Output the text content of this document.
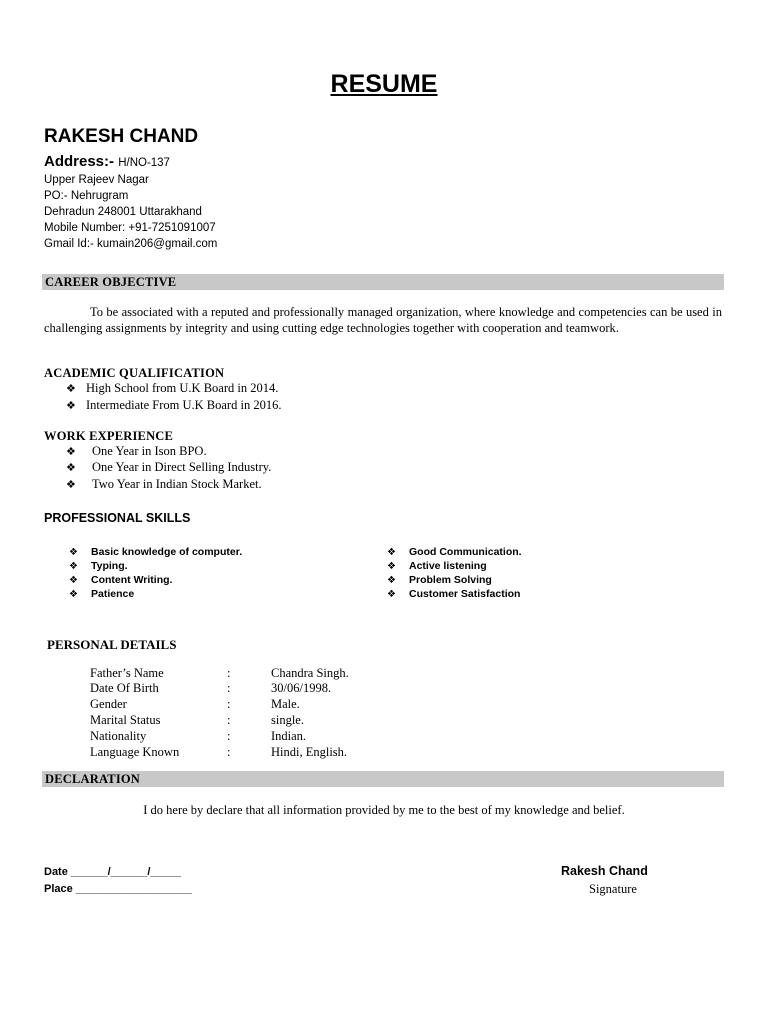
RESUME
RAKESH CHAND
Address:- H/NO-137
Upper Rajeev Nagar
PO:- Nehrugram
Dehradun 248001 Uttarakhand
Mobile Number: +91-7251091007
Gmail Id:- kumain206@gmail.com
CAREER OBJECTIVE

To be associated with a reputed and professionally managed organization, where knowledge and competencies can be used in challenging assignments by integrity and using cutting edge technologies together with cooperation and teamwork.

ACADEMIC QUALIFICATION
❖ High School from U.K Board in 2014.
❖ Intermediate From U.K Board in 2016.
WORK EXPERIENCE
❖ One Year in Ison BPO.
❖ One Year in Direct Selling Industry.
❖ Two Year in Indian Stock Market.
PROFESSIONAL SKILLS
❖ Basic knowledge of computer.
❖ Typing.
❖ Content Writing.
❖ Patience
❖ Good Communication.
❖ Active listening
❖ Problem Solving
❖ Customer Satisfaction
PERSONAL DETAILS
Father’s Name	:	Chandra Singh.
Date Of Birth	:	30/06/1998.
Gender	:	Male.
Marital Status	:	single.
Nationality	:	Indian.
Language Known	:	Hindi, English.
DECLARATION
I do here by declare that all information provided by me to the best of my knowledge and belief.
Date ______/______/_____
Place ___________________
Rakesh Chand
Signature
